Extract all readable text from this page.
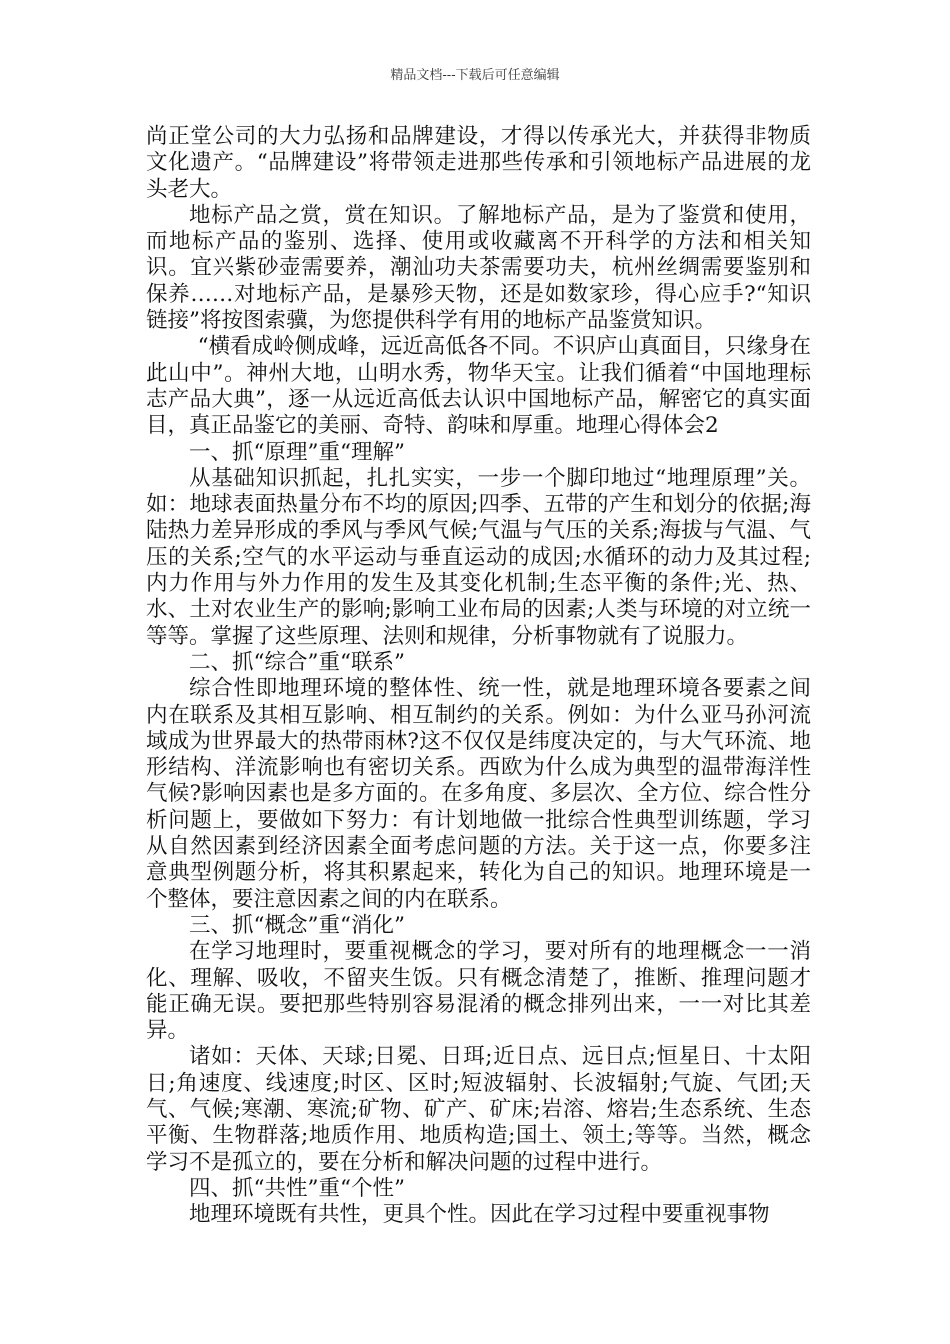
精品文档---下载后可任意编辑

尚正堂公司的大力弘扬和品牌建设，才得以传承光大，并获得非物质文化遗产。“品牌建设”将带领走进那些传承和引领地标产品进展的龙头老大。

地标产品之赏，赏在知识。了解地标产品，是为了鉴赏和使用，而地标产品的鉴别、选择、使用或收藏离不开科学的方法和相关知识。宜兴紫砂壶需要养，潮汕功夫茶需要功夫，杭州丝绸需要鉴别和保养……对地标产品，是暴殄天物，还是如数家珍，得心应手?“知识链接”将按图索骥，为您提供科学有用的地标产品鉴赏知识。

“横看成岭侧成峰，远近高低各不同。不识庐山真面目，只缘身在此山中”。神州大地，山明水秀，物华天宝。让我们循着“中国地理标志产品大典”，逐一从远近高低去认识中国地标产品，解密它的真实面目，真正品鉴它的美丽、奇特、韵味和厚重。地理心得体会2

一、抓“原理”重“理解”

从基础知识抓起，扎扎实实，一步一个脚印地过“地理原理”关。如：地球表面热量分布不均的原因;四季、五带的产生和划分的依据;海陆热力差异形成的季风与季风气候;气温与气压的关系;海拔与气温、气压的关系;空气的水平运动与垂直运动的成因;水循环的动力及其过程;内力作用与外力作用的发生及其变化机制;生态平衡的条件;光、热、水、土对农业生产的影响;影响工业布局的因素;人类与环境的对立统一等等。掌握了这些原理、法则和规律，分析事物就有了说服力。

二、抓“综合”重“联系”

综合性即地理环境的整体性、统一性，就是地理环境各要素之间内在联系及其相互影响、相互制约的关系。例如：为什么亚马孙河流域成为世界最大的热带雨林?这不仅仅是纬度决定的，与大气环流、地形结构、洋流影响也有密切关系。西欧为什么成为典型的温带海洋性气候?影响因素也是多方面的。在多角度、多层次、全方位、综合性分析问题上，要做如下努力：有计划地做一批综合性典型训练题，学习从自然因素到经济因素全面考虑问题的方法。关于这一点，你要多注意典型例题分析，将其积累起来，转化为自己的知识。地理环境是一个整体，要注意因素之间的内在联系。

三、抓“概念”重“消化”

在学习地理时，要重视概念的学习，要对所有的地理概念一一消化、理解、吸收，不留夹生饭。只有概念清楚了，推断、推理问题才能正确无误。要把那些特别容易混淆的概念排列出来，一一对比其差异。

诸如：天体、天球;日冕、日珥;近日点、远日点;恒星日、十太阳日;角速度、线速度;时区、区时;短波辐射、长波辐射;气旋、气团;天气、气候;寒潮、寒流;矿物、矿产、矿床;岩溶、熔岩;生态系统、生态平衡、生物群落;地质作用、地质构造;国土、领土;等等。当然，概念学习不是孤立的，要在分析和解决问题的过程中进行。

四、抓“共性”重“个性”

地理环境既有共性，更具个性。因此在学习过程中要重视事物
